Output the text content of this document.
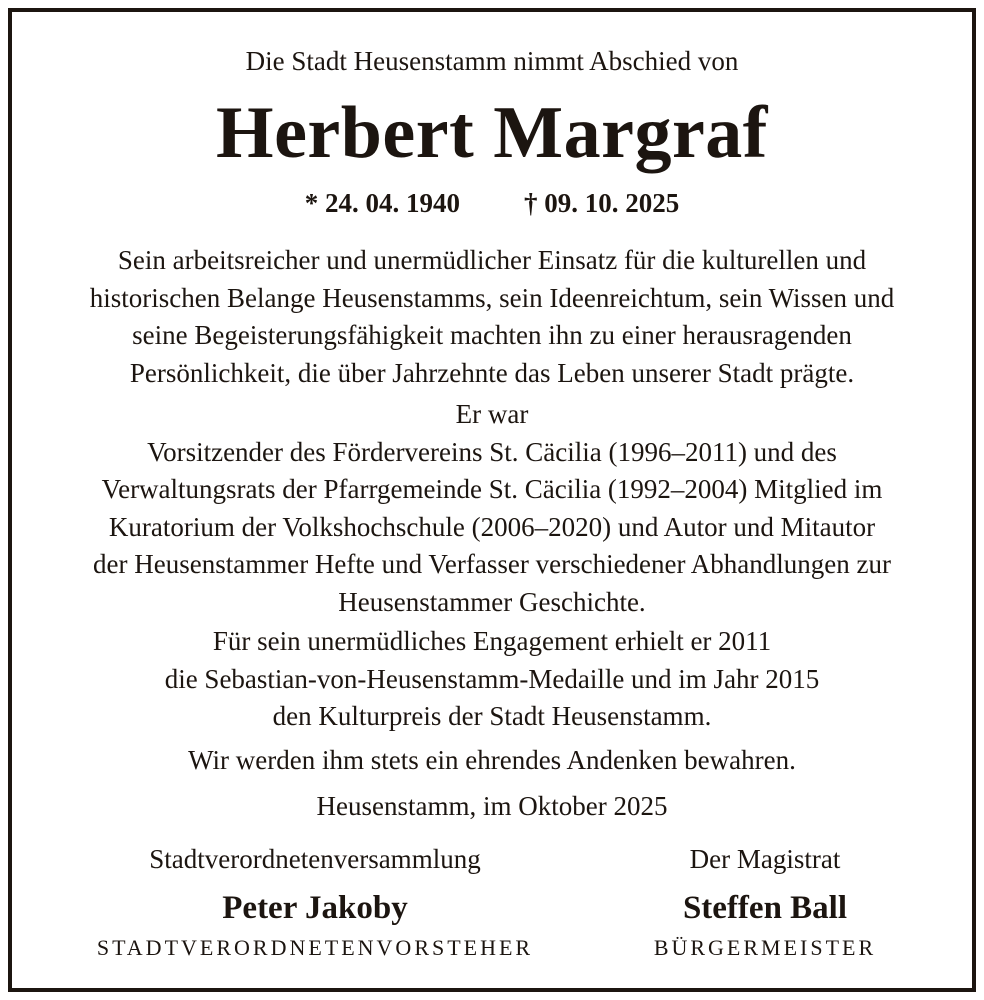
Die Stadt Heusenstamm nimmt Abschied von
Herbert Margraf
* 24. 04. 1940 † 09. 10. 2025
Sein arbeitsreicher und unermüdlicher Einsatz für die kulturellen und
historischen Belange Heusenstamms, sein Ideenreichtum, sein Wissen und
seine Begeisterungsfähigkeit machten ihn zu einer herausragenden
Persönlichkeit, die über Jahrzehnte das Leben unserer Stadt prägte.
Er war
Vorsitzender des Fördervereins St. Cäcilia (1996–2011) und des
Verwaltungsrats der Pfarrgemeinde St. Cäcilia (1992–2004) Mitglied im
Kuratorium der Volkshochschule (2006–2020) und Autor und Mitautor
der Heusenstammer Hefte und Verfasser verschiedener Abhandlungen zur
Heusenstammer Geschichte.
Für sein unermüdliches Engagement erhielt er 2011
die Sebastian-von-Heusenstamm-Medaille und im Jahr 2015
den Kulturpreis der Stadt Heusenstamm.
Wir werden ihm stets ein ehrendes Andenken bewahren.
Heusenstamm, im Oktober 2025
Stadtverordnetenversammlung
Peter Jakoby
STADTVERORDNETENVORSTEHER
Der Magistrat
Steffen Ball
BÜRGERMEISTER
